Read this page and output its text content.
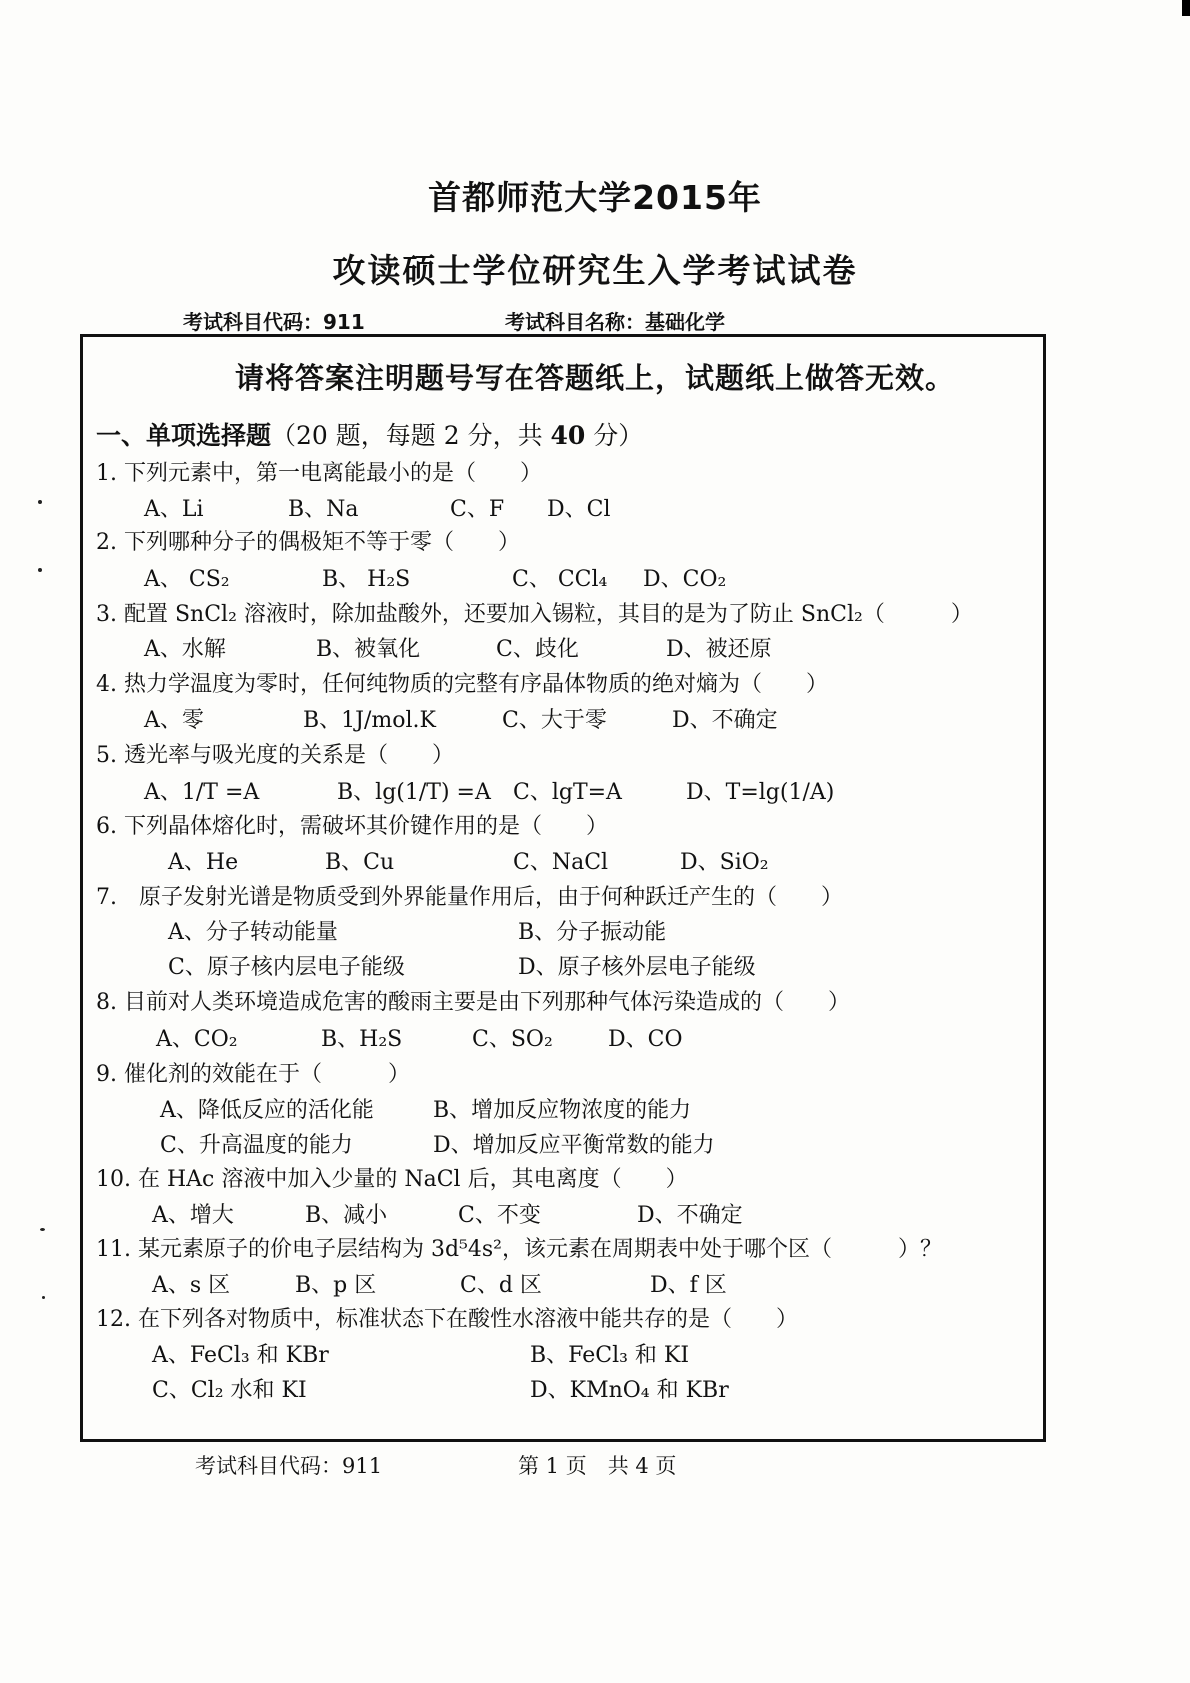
首都师范大学2015年
攻读硕士学位研究生入学考试试卷
考试科目代码：911	考试科目名称：基础化学
请将答案注明题号写在答题纸上，试题纸上做答无效。
一、单项选择题（20 题，每题 2 分，共 40 分）
1. 下列元素中，第一电离能最小的是（　　）
A、Li	B、Na	C、F D、Cl
2. 下列哪种分子的偶极矩不等于零（　　）
A、 CS₂	B、 H₂S	C、 CCl₄ D、CO₂
3. 配置 SnCl₂ 溶液时，除加盐酸外，还要加入锡粒，其目的是为了防止 SnCl₂（　　　）
A、水解	B、被氧化	C、歧化	D、被还原
4. 热力学温度为零时，任何纯物质的完整有序晶体物质的绝对熵为（　　）
A、零	B、1J/mol.K	C、大于零	D、不确定
5. 透光率与吸光度的关系是（　　）
A、1/T =A	B、lg(1/T) =A C、lgT=A	D、T=lg(1/A)
6. 下列晶体熔化时，需破坏其价键作用的是（　　）
A、He	B、Cu	C、NaCl	D、SiO₂
7.　原子发射光谱是物质受到外界能量作用后，由于何种跃迁产生的（　　）
A、分子转动能量	B、分子振动能
C、原子核内层电子能级	D、原子核外层电子能级
8. 目前对人类环境造成危害的酸雨主要是由下列那种气体污染造成的（　　）
A、CO₂	B、H₂S	C、SO₂	D、CO
9. 催化剂的效能在于（　　　）
A、降低反应的活化能	B、增加反应物浓度的能力
C、升高温度的能力	D、增加反应平衡常数的能力
10. 在 HAc 溶液中加入少量的 NaCl 后，其电离度（　　）
A、增大	B、减小	C、不变	D、不确定
11. 某元素原子的价电子层结构为 3d⁵4s²，该元素在周期表中处于哪个区（　　　）？
A、s 区	B、p 区	C、d 区	D、f 区
12. 在下列各对物质中，标准状态下在酸性水溶液中能共存的是（　　）
A、FeCl₃ 和 KBr	B、FeCl₃ 和 KI
C、Cl₂ 水和 KI	D、KMnO₄ 和 KBr
考试科目代码：911	第 1 页　共 4 页
